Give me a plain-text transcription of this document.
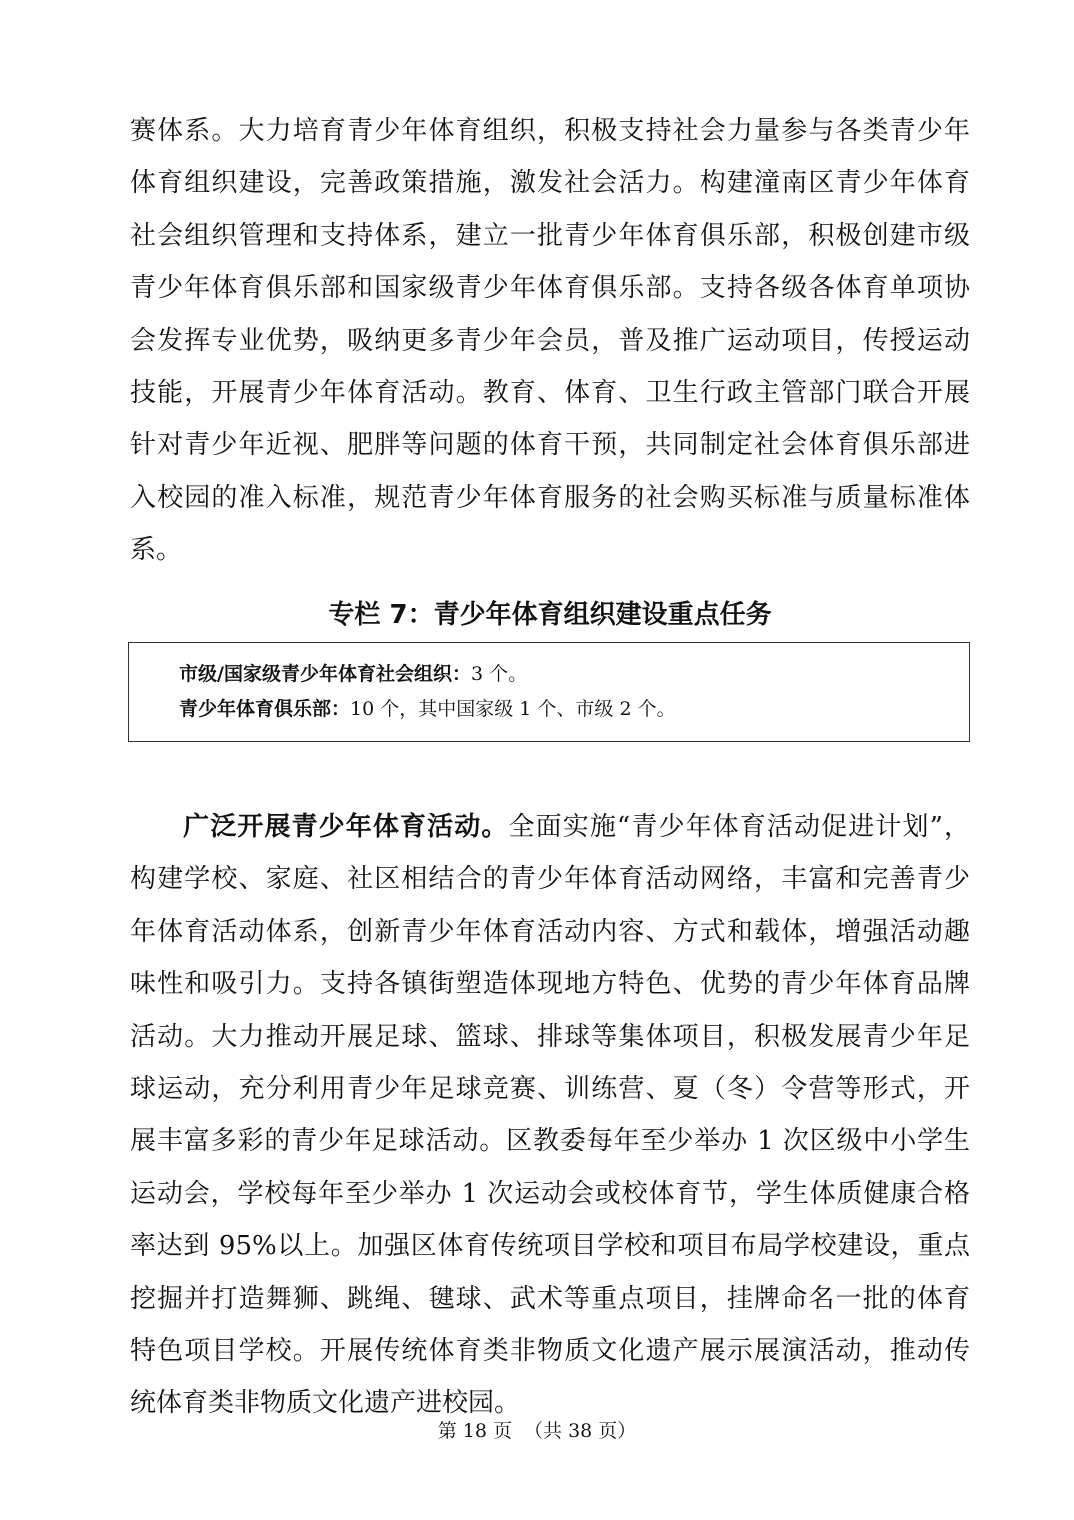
赛体系。大力培育青少年体育组织，积极支持社会力量参与各类青少年
体育组织建设，完善政策措施，激发社会活力。构建潼南区青少年体育
社会组织管理和支持体系，建立一批青少年体育俱乐部，积极创建市级
青少年体育俱乐部和国家级青少年体育俱乐部。支持各级各体育单项协
会发挥专业优势，吸纳更多青少年会员，普及推广运动项目，传授运动
技能，开展青少年体育活动。教育、体育、卫生行政主管部门联合开展
针对青少年近视、肥胖等问题的体育干预，共同制定社会体育俱乐部进
入校园的准入标准，规范青少年体育服务的社会购买标准与质量标准体
系。
专栏 7：青少年体育组织建设重点任务
市级/国家级青少年体育社会组织：3 个。
青少年体育俱乐部：10 个，其中国家级 1 个、市级 2 个。
广泛开展青少年体育活动。全面实施“青少年体育活动促进计划”，
构建学校、家庭、社区相结合的青少年体育活动网络，丰富和完善青少
年体育活动体系，创新青少年体育活动内容、方式和载体，增强活动趣
味性和吸引力。支持各镇街塑造体现地方特色、优势的青少年体育品牌
活动。大力推动开展足球、篮球、排球等集体项目，积极发展青少年足
球运动，充分利用青少年足球竞赛、训练营、夏（冬）令营等形式，开
展丰富多彩的青少年足球活动。区教委每年至少举办 1 次区级中小学生
运动会，学校每年至少举办 1 次运动会或校体育节，学生体质健康合格
率达到 95%以上。加强区体育传统项目学校和项目布局学校建设，重点
挖掘并打造舞狮、跳绳、毽球、武术等重点项目，挂牌命名一批的体育
特色项目学校。开展传统体育类非物质文化遗产展示展演活动，推动传
统体育类非物质文化遗产进校园。
第 18 页  （共 38 页）
